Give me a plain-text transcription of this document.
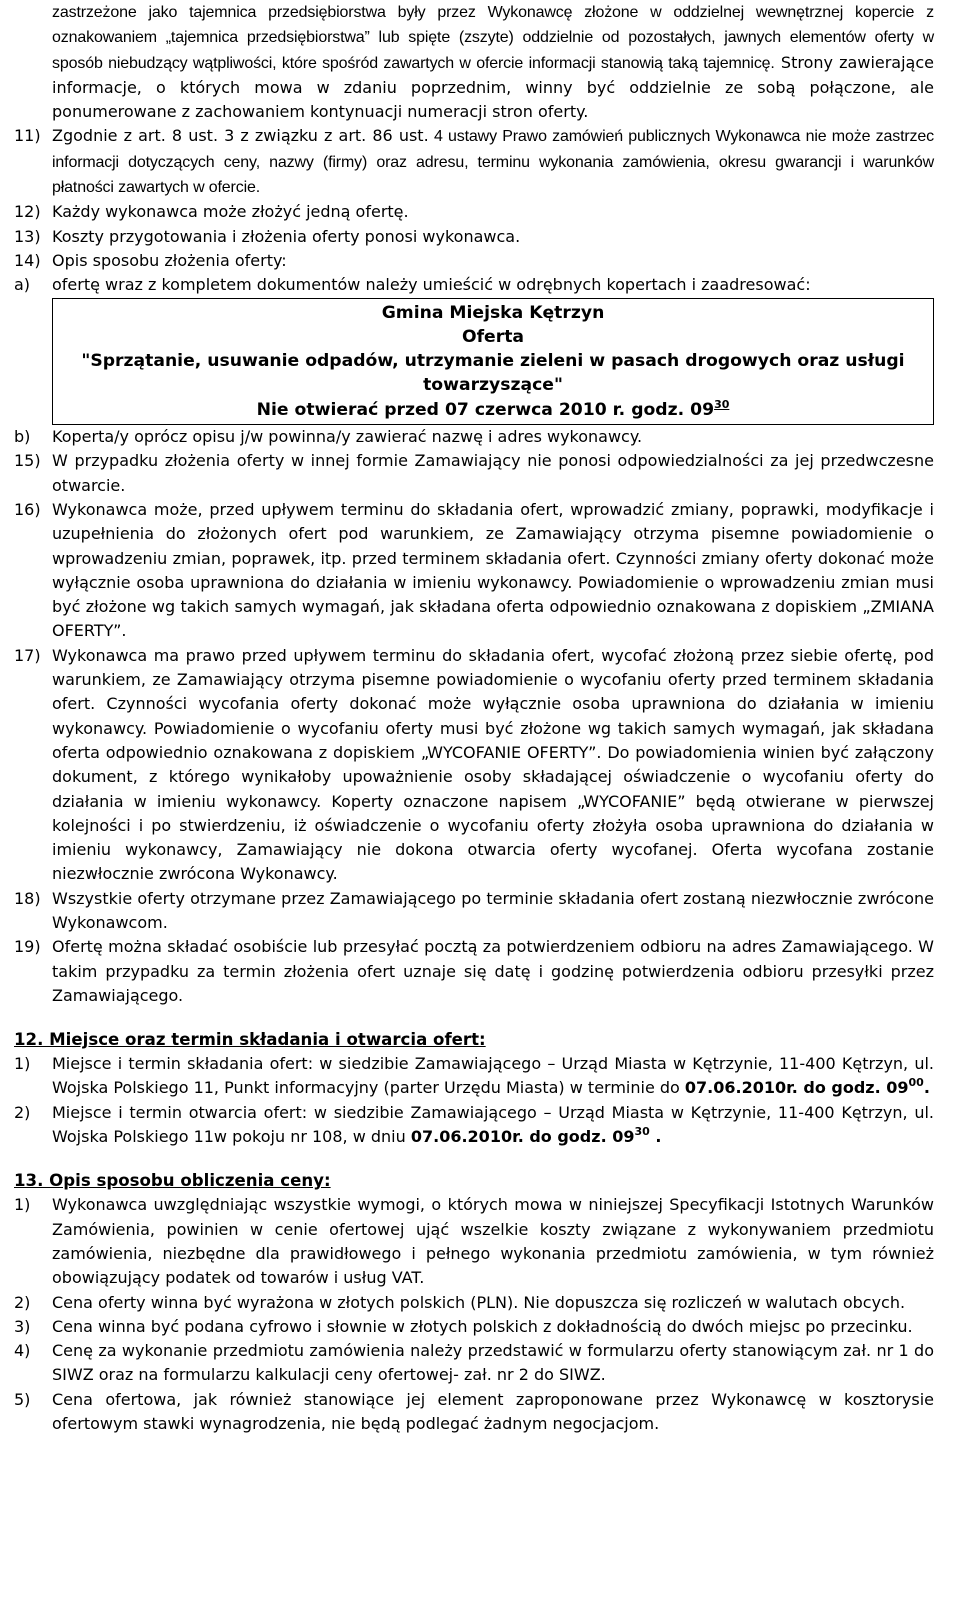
zastrzeżone jako tajemnica przedsiębiorstwa były przez Wykonawcę złożone w oddzielnej wewnętrznej kopercie z oznakowaniem „tajemnica przedsiębiorstwa” lub spięte (zszyte) oddzielnie od pozostałych, jawnych elementów oferty w sposób niebudzący wątpliwości, które spośród zawartych w ofercie informacji stanowią taką tajemnicę. Strony zawierające informacje, o których mowa w zdaniu poprzednim, winny być oddzielnie ze sobą połączone, ale ponumerowane z zachowaniem kontynuacji numeracji stron oferty.

11) Zgodnie z art. 8 ust. 3 z związku z art. 86 ust. 4 ustawy Prawo zamówień publicznych Wykonawca nie może zastrzec informacji dotyczących ceny, nazwy (firmy) oraz adresu, terminu wykonania zamówienia, okresu gwarancji i warunków płatności zawartych w ofercie.

12) Każdy wykonawca może złożyć jedną ofertę.

13) Koszty przygotowania i złożenia oferty ponosi wykonawca.

14) Opis sposobu złożenia oferty:

a) ofertę wraz z kompletem dokumentów należy umieścić w odrębnych kopertach i zaadresować:

Gmina Miejska Kętrzyn
Oferta
"Sprzątanie, usuwanie odpadów, utrzymanie zieleni w pasach drogowych oraz usługi towarzyszące"
Nie otwierać przed 07 czerwca 2010 r. godz. $09^{30}$
b) Koperta/y oprócz opisu j/w powinna/y zawierać nazwę i adres wykonawcy.

15) W przypadku złożenia oferty w innej formie Zamawiający nie ponosi odpowiedzialności za jej przedwczesne otwarcie.

16) Wykonawca może, przed upływem terminu do składania ofert, wprowadzić zmiany, poprawki, modyfikacje i uzupełnienia do złożonych ofert pod warunkiem, ze Zamawiający otrzyma pisemne powiadomienie o wprowadzeniu zmian, poprawek, itp. przed terminem składania ofert. Czynności zmiany oferty dokonać może wyłącznie osoba uprawniona do działania w imieniu wykonawcy. Powiadomienie o wprowadzeniu zmian musi być złożone wg takich samych wymagań, jak składana oferta odpowiednio oznakowana z dopiskiem „ZMIANA OFERTY”.

17) Wykonawca ma prawo przed upływem terminu do składania ofert, wycofać złożoną przez siebie ofertę, pod warunkiem, ze Zamawiający otrzyma pisemne powiadomienie o wycofaniu oferty przed terminem składania ofert. Czynności wycofania oferty dokonać może wyłącznie osoba uprawniona do działania w imieniu wykonawcy. Powiadomienie o wycofaniu oferty musi być złożone wg takich samych wymagań, jak składana oferta odpowiednio oznakowana z dopiskiem „WYCOFANIE OFERTY”. Do powiadomienia winien być załączony dokument, z którego wynikałoby upoważnienie osoby składającej oświadczenie o wycofaniu oferty do działania w imieniu wykonawcy. Koperty oznaczone napisem „WYCOFANIE” będą otwierane w pierwszej kolejności i po stwierdzeniu, iż oświadczenie o wycofaniu oferty złożyła osoba uprawniona do działania w imieniu wykonawcy, Zamawiający nie dokona otwarcia oferty wycofanej. Oferta wycofana zostanie niezwłocznie zwrócona Wykonawcy.

18) Wszystkie oferty otrzymane przez Zamawiającego po terminie składania ofert zostaną niezwłocznie zwrócone Wykonawcom.

19) Ofertę można składać osobiście lub przesyłać pocztą za potwierdzeniem odbioru na adres Zamawiającego. W takim przypadku za termin złożenia ofert uznaje się datę i godzinę potwierdzenia odbioru przesyłki przez Zamawiającego.

12. Miejsce oraz termin składania i otwarcia ofert:
1) Miejsce i termin składania ofert: w siedzibie Zamawiającego – Urząd Miasta w Kętrzynie, 11-400 Kętrzyn, ul. Wojska Polskiego 11, Punkt informacyjny (parter Urzędu Miasta) w terminie do 07.06.2010r. do godz. $09^{00}$.

2) Miejsce i termin otwarcia ofert: w siedzibie Zamawiającego – Urząd Miasta w Kętrzynie, 11-400 Kętrzyn, ul. Wojska Polskiego 11w pokoju nr 108, w dniu 07.06.2010r. do godz. $09^{30}$ .

13. Opis sposobu obliczenia ceny:
1) Wykonawca uwzględniając wszystkie wymogi, o których mowa w niniejszej Specyfikacji Istotnych Warunków Zamówienia, powinien w cenie ofertowej ująć wszelkie koszty związane z wykonywaniem przedmiotu zamówienia, niezbędne dla prawidłowego i pełnego wykonania przedmiotu zamówienia, w tym również obowiązujący podatek od towarów i usług VAT.

2) Cena oferty winna być wyrażona w złotych polskich (PLN). Nie dopuszcza się rozliczeń w walutach obcych.

3) Cena winna być podana cyfrowo i słownie w złotych polskich z dokładnością do dwóch miejsc po przecinku.

4) Cenę za wykonanie przedmiotu zamówienia należy przedstawić w formularzu oferty stanowiącym zał. nr 1 do SIWZ oraz na formularzu kalkulacji ceny ofertowej- zał. nr 2 do SIWZ.

5) Cena ofertowa, jak również stanowiące jej element zaproponowane przez Wykonawcę w kosztorysie ofertowym stawki wynagrodzenia, nie będą podlegać żadnym negocjacjom.
